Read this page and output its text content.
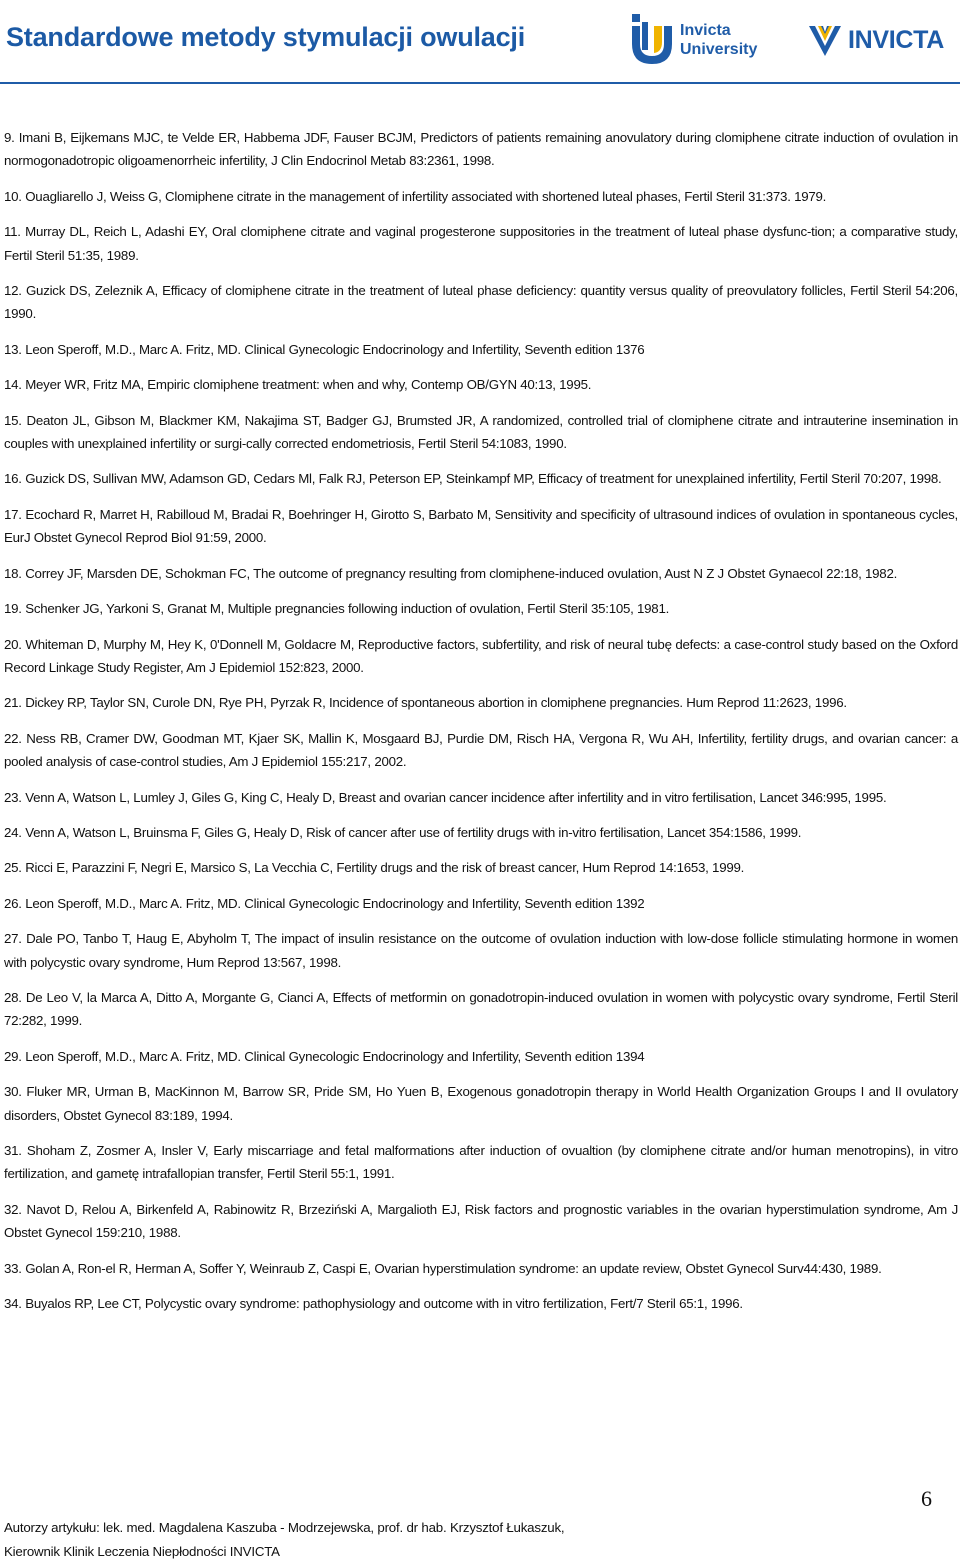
Standardowe metody stymulacji owulacji	Invicta
University	INVICTA

9. Imani B, Eijkemans MJC, te Velde ER, Habbema JDF, Fauser BCJM, Predictors of patients remaining anovulatory during clomiphene citrate induction of ovulation in normogonadotropic oligoamenorrheic infertility, J Clin Endocrinol Metab 83:2361, 1998.

10. Ouagliarello J, Weiss G, Clomiphene citrate in the management of infertility associated with shortened luteal phases, Fertil Steril 31:373. 1979.

11. Murray DL, Reich L, Adashi EY, Oral clomiphene citrate and vaginal progesterone suppositories in the treatment of luteal phase dysfunc-tion; a comparative study, Fertil Steril 51:35, 1989.

12. Guzick DS, Zeleznik A, Efficacy of clomiphene citrate in the treatment of luteal phase deficiency: quantity versus quality of preovulatory follicles, Fertil Steril 54:206, 1990.

13. Leon Speroff, M.D., Marc A. Fritz, MD. Clinical Gynecologic Endocrinology and Infertility, Seventh edition 1376

14. Meyer WR, Fritz MA, Empiric clomiphene treatment: when and why, Contemp OB/GYN 40:13, 1995.

15. Deaton JL, Gibson M, Blackmer KM, Nakajima ST, Badger GJ, Brumsted JR, A randomized, controlled trial of clomiphene citrate and intrauterine insemination in couples with unexplained infertility or surgi-cally corrected endometriosis, Fertil Steril 54:1083, 1990.

16. Guzick DS, Sullivan MW, Adamson GD, Cedars Ml, Falk RJ, Peterson EP, Steinkampf MP, Efficacy of treatment for unexplained infertility, Fertil Steril 70:207, 1998.

17. Ecochard R, Marret H, Rabilloud M, Bradai R, Boehringer H, Girotto S, Barbato M, Sensitivity and specificity of ultrasound indices of ovulation in spontaneous cycles, EurJ Obstet Gynecol Reprod Biol 91:59, 2000.

18. Correy JF, Marsden DE, Schokman FC, The outcome of pregnancy resulting from clomiphene-induced ovulation, Aust N Z J Obstet Gynaecol 22:18, 1982.

19. Schenker JG, Yarkoni S, Granat M, Multiple pregnancies following induction of ovulation, Fertil Steril 35:105, 1981.

20. Whiteman D, Murphy M, Hey K, 0'Donnell M, Goldacre M, Reproductive factors, subfertility, and risk of neural tubę defects: a case-control study based on the Oxford Record Linkage Study Register, Am J Epidemiol 152:823, 2000.

21. Dickey RP, Taylor SN, Curole DN, Rye PH, Pyrzak R, Incidence of spontaneous abortion in clomiphene pregnancies. Hum Reprod 11:2623, 1996.

22. Ness RB, Cramer DW, Goodman MT, Kjaer SK, Mallin K, Mosgaard BJ, Purdie DM, Risch HA, Vergona R, Wu AH, Infertility, fertility drugs, and ovarian cancer: a pooled analysis of case-control studies, Am J Epidemiol 155:217, 2002.

23. Venn A, Watson L, Lumley J, Giles G, King C, Healy D, Breast and ovarian cancer incidence after infertility and in vitro fertilisation, Lancet 346:995, 1995.

24. Venn A, Watson L, Bruinsma F, Giles G, Healy D, Risk of cancer after use of fertility drugs with in-vitro fertilisation, Lancet 354:1586, 1999.

25. Ricci E, Parazzini F, Negri E, Marsico S, La Vecchia C, Fertility drugs and the risk of breast cancer, Hum Reprod 14:1653, 1999.

26. Leon Speroff, M.D., Marc A. Fritz, MD. Clinical Gynecologic Endocrinology and Infertility, Seventh edition 1392

27. Dale PO, Tanbo T, Haug E, Abyholm T, The impact of insulin resistance on the outcome of ovulation induction with low-dose follicle stimulating hormone in women with polycystic ovary syndrome, Hum Reprod 13:567, 1998.

28. De Leo V, la Marca A, Ditto A, Morgante G, Cianci A, Effects of metformin on gonadotropin-induced ovulation in women with polycystic ovary syndrome, Fertil Steril 72:282, 1999.

29. Leon Speroff, M.D., Marc A. Fritz, MD. Clinical Gynecologic Endocrinology and Infertility, Seventh edition 1394

30. Fluker MR, Urman B, MacKinnon M, Barrow SR, Pride SM, Ho Yuen B, Exogenous gonadotropin therapy in World Health Organization Groups I and II ovulatory disorders, Obstet Gynecol 83:189, 1994.

31. Shoham Z, Zosmer A, Insler V, Early miscarriage and fetal malformations after induction of ovualtion (by clomiphene citrate and/or human menotropins), in vitro fertilization, and gametę intrafallopian transfer, Fertil Steril 55:1, 1991.

32. Navot D, Relou A, Birkenfeld A, Rabinowitz R, Brzeziński A, Margalioth EJ, Risk factors and prognostic variables in the ovarian hyperstimulation syndrome, Am J Obstet Gynecol 159:210, 1988.

33. Golan A, Ron-el R, Herman A, Soffer Y, Weinraub Z, Caspi E, Ovarian hyperstimulation syndrome: an update review, Obstet Gynecol Surv44:430, 1989.

34. Buyalos RP, Lee CT, Polycystic ovary syndrome: pathophysiology and outcome with in vitro fertilization, Fert/7 Steril 65:1, 1996.

6
Autorzy artykułu: lek. med. Magdalena Kaszuba - Modrzejewska, prof. dr hab. Krzysztof Łukaszuk,
Kierownik Klinik Leczenia Niepłodności INVICTA
